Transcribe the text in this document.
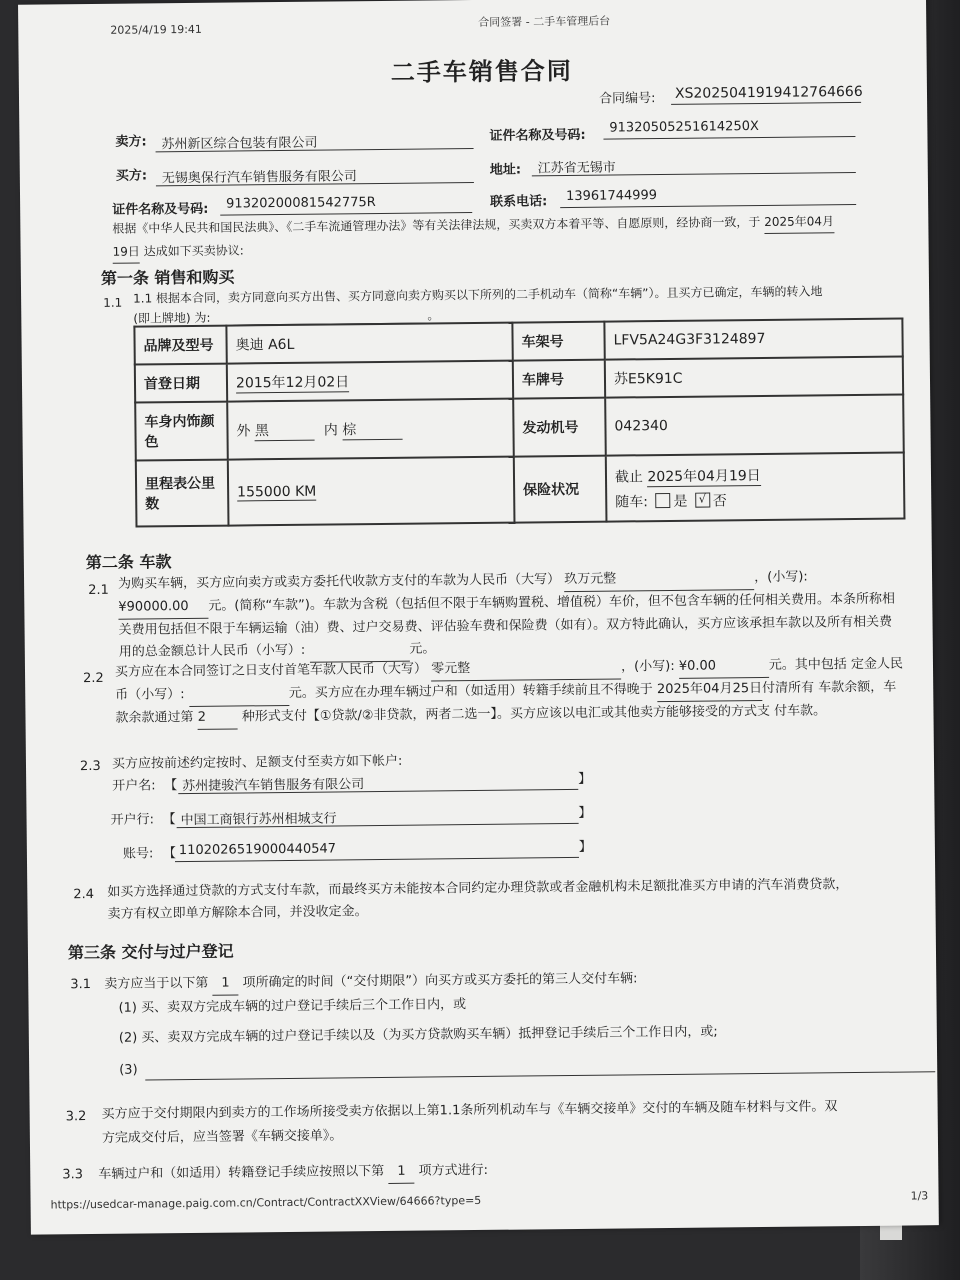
2025/4/19 19:41
合同签署 - 二手车管理后台
二手车销售合同
合同编号: XS2025041919412764666
卖方: 苏州新区综合包装有限公司	证件名称及号码:
91320505251614250X
买方: 无锡奥保行汽车销售服务有限公司	地址: 江苏省无锡市
证件名称及号码: 91320200081542775R	联系电话: 13961744999
根据《中华人民共和国民法典》、《二手车流通管理办法》等有关法律法规，买卖双方本着平等、自愿原则，经协商一致，于 2025年04月
19日 达成如下买卖协议:
第一条 销售和购买
1.1 1.1 根据本合同，卖方同意向买方出售、买方同意向卖方购买以下所列的二手机动车（简称“车辆”）。且买方已确定，车辆的转入地
(即上牌地) 为:	。
品牌及型号	奥迪 A6L	车架号	LFV5A24G3F3124897
首登日期	2015年12月02日	车牌号	苏E5K91C
车身内饰颜色	外 黑 内 棕	发动机号	042340
里程表公里数	155000 KM	保险状况	截止 2025年04月19日
随车: 是 √ 否
第二条 车款
2.1 为购买车辆，买方应向卖方或卖方委托代收款方支付的车款为人民币（大写） 玖万元整	，(小写): ¥90000.00 元。(简称“车款”)。车款为含税（包括但不限于车辆购置税、增值税）车价，但不包含车辆的任何相关费用。本条所称相关费用包括但不限于车辆运输（油）费、过户交易费、评估验车费和保险费（如有）。双方特此确认，买方应该承担车款以及所有相关费用的总金额总计人民币（小写）:	元。
2.2 买方应在本合同签订之日支付首笔车款人民币（大写） 零元整	，(小写): ¥0.00	元。其中包括 定金人民币（小写）:	元。买方应在办理车辆过户和（如适用）转籍手续前且不得晚于 2025年04月25日付清所有 车款余额，车款余款通过第 2	种形式支付【①贷款/②非贷款，两者二选一】。买方应该以电汇或其他卖方能够接受的方式支 付车款。
2.3 买方应按前述约定按时、足额支付至卖方如下帐户:
开户名: 【 苏州捷骏汽车销售服务有限公司	】
开户行: 【 中国工商银行苏州相城支行	】
账号: 【 1102026519000440547	】
2.4 如买方选择通过贷款的方式支付车款，而最终买方未能按本合同约定办理贷款或者金融机构未足额批准买方申请的汽车消费贷款，
卖方有权立即单方解除本合同，并没收定金。
第三条 交付与过户登记
3.1 卖方应当于以下第 1 项所确定的时间（“交付期限”）向买方或买方委托的第三人交付车辆:
(1) 买、卖双方完成车辆的过户登记手续后三个工作日内，或
(2) 买、卖双方完成车辆的过户登记手续以及（为买方贷款购买车辆）抵押登记手续后三个工作日内，或;
(3)
3.2 买方应于交付期限内到卖方的工作场所接受卖方依据以上第1.1条所列机动车与《车辆交接单》交付的车辆及随车材料与文件。双
方完成交付后，应当签署《车辆交接单》。
3.3 车辆过户和（如适用）转籍登记手续应按照以下第 1 项方式进行:
https://usedcar-manage.paig.com.cn/Contract/ContractXXView/64666?type=5	1/3
